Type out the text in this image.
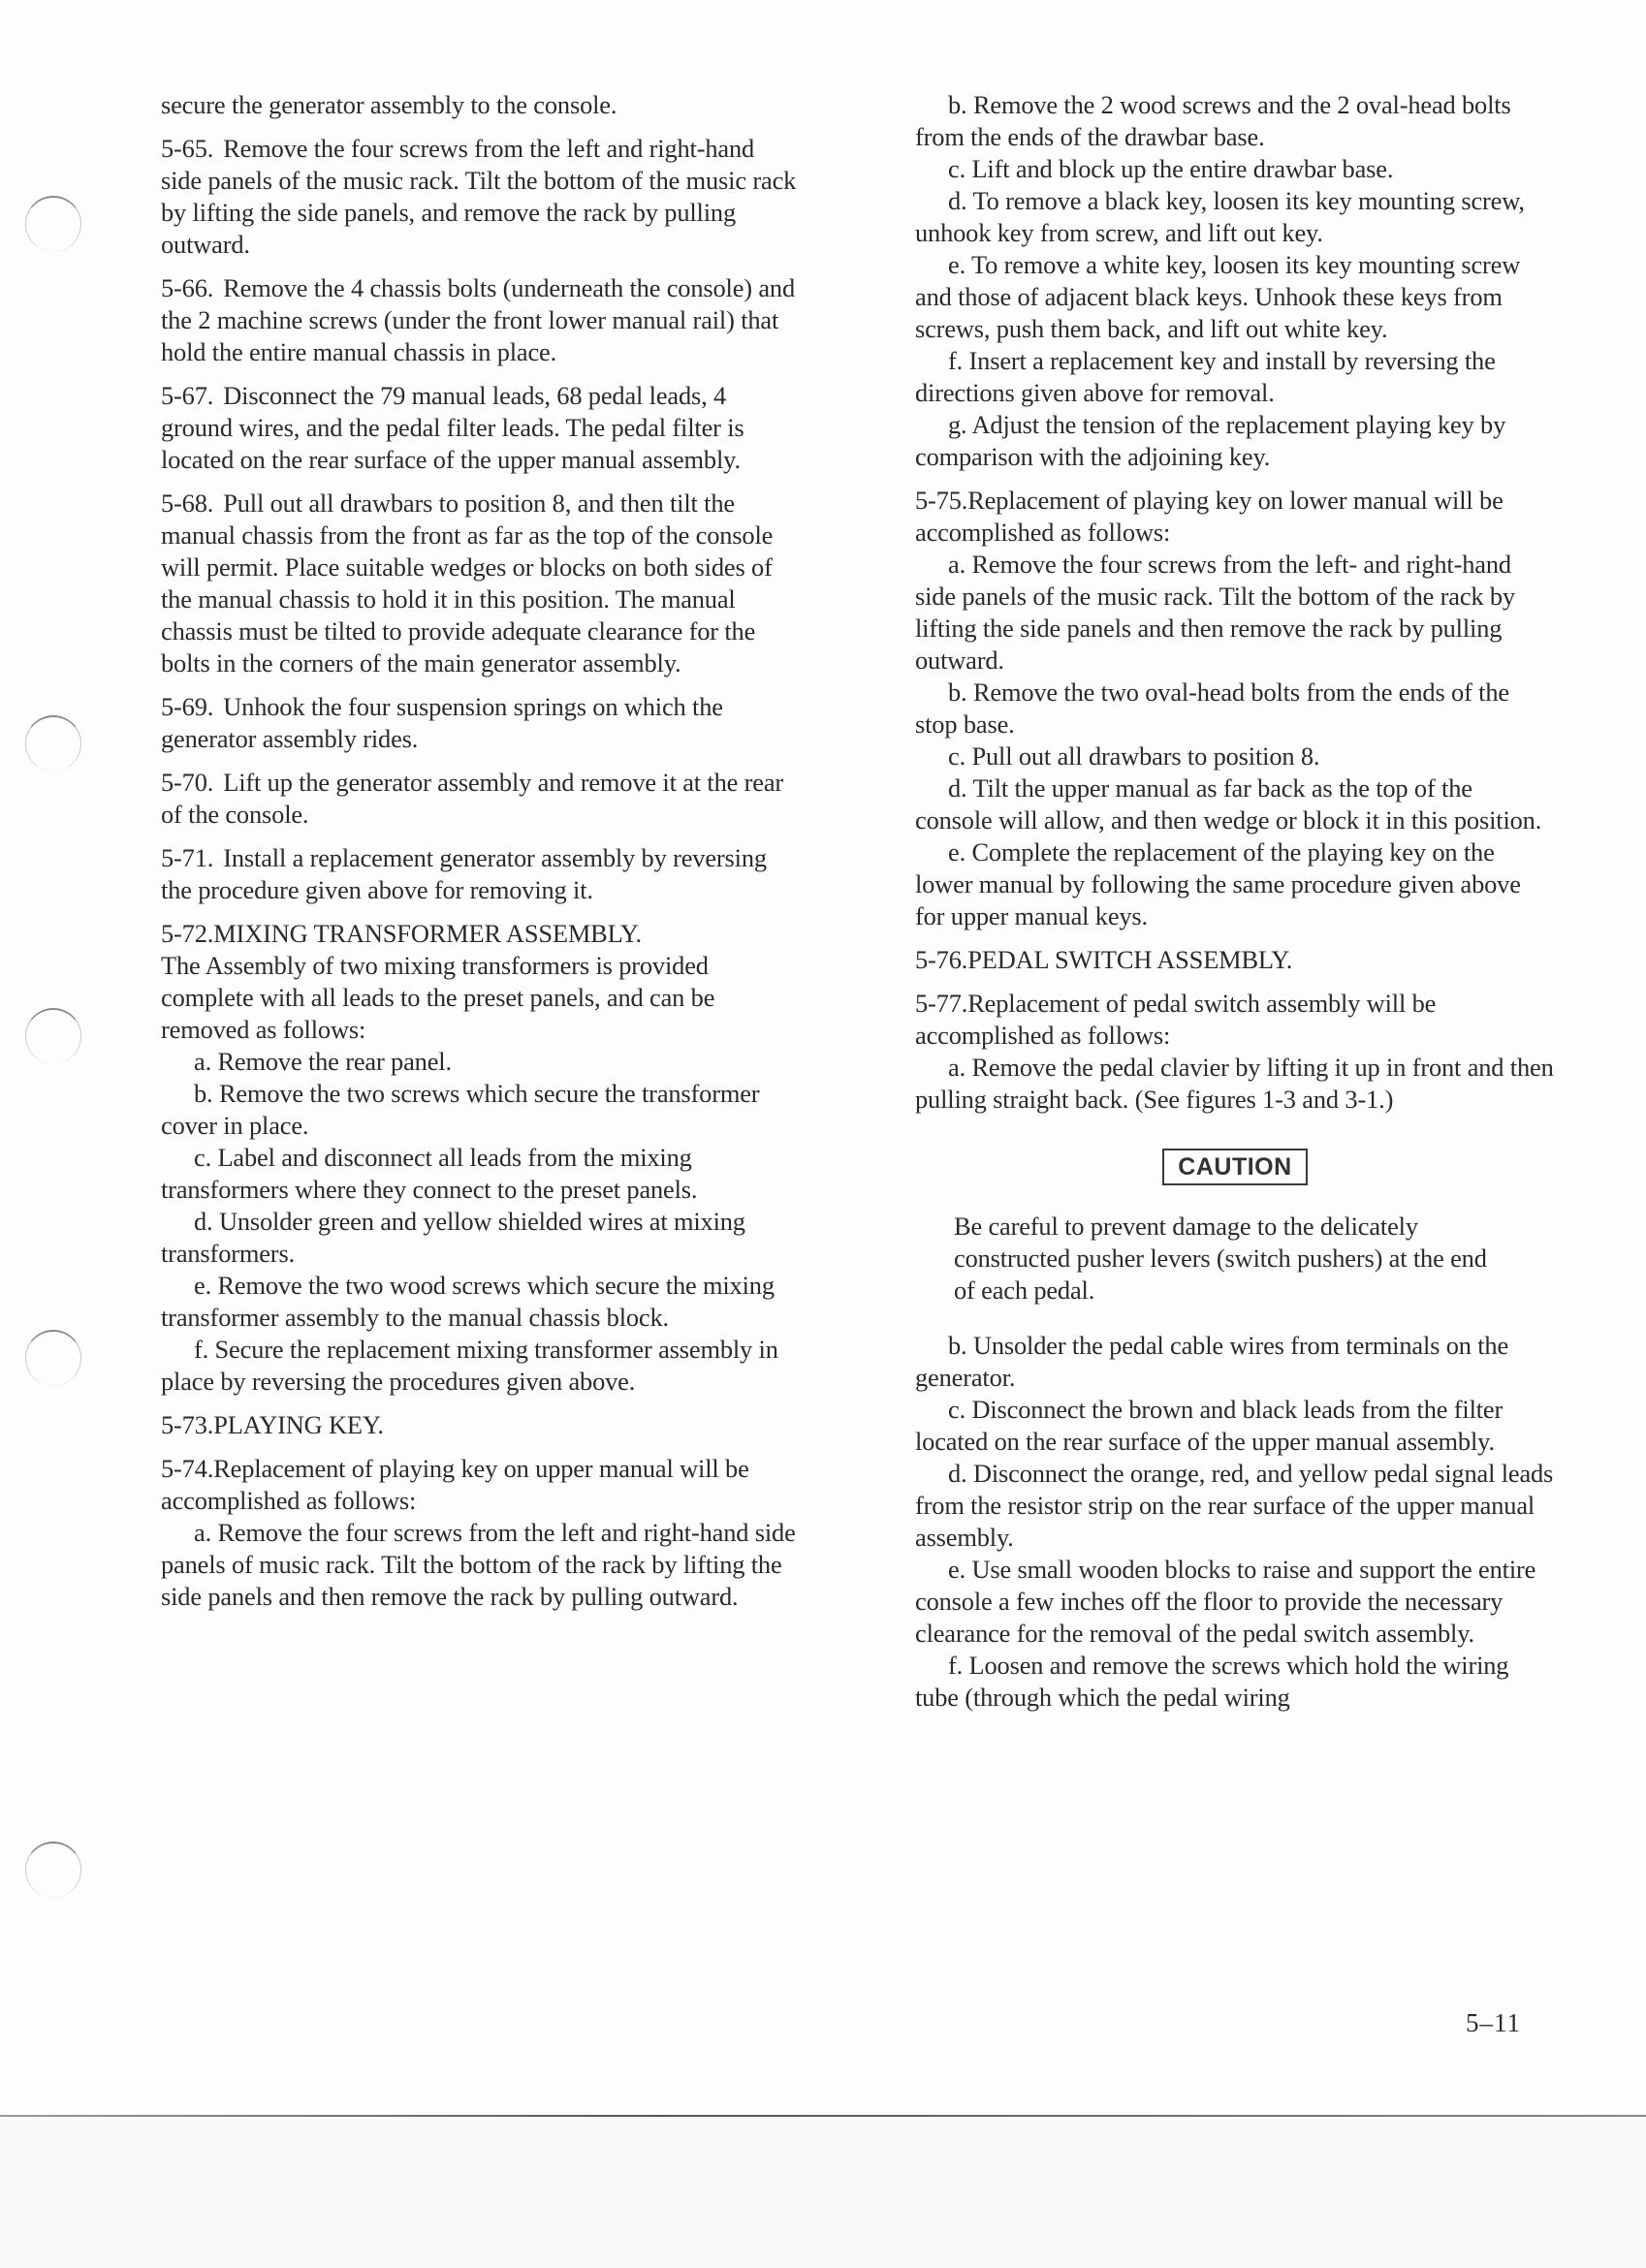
secure the generator assembly to the console.

5-65. Remove the four screws from the left and right-hand side panels of the music rack. Tilt the bottom of the music rack by lifting the side panels, and remove the rack by pulling outward.

5-66. Remove the 4 chassis bolts (underneath the console) and the 2 machine screws (under the front lower manual rail) that hold the entire manual chassis in place.

5-67. Disconnect the 79 manual leads, 68 pedal leads, 4 ground wires, and the pedal filter leads. The pedal filter is located on the rear surface of the upper manual assembly.

5-68. Pull out all drawbars to position 8, and then tilt the manual chassis from the front as far as the top of the console will permit. Place suitable wedges or blocks on both sides of the manual chassis to hold it in this position. The manual chassis must be tilted to provide adequate clearance for the bolts in the corners of the main generator assembly.

5-69. Unhook the four suspension springs on which the generator assembly rides.

5-70. Lift up the generator assembly and remove it at the rear of the console.

5-71. Install a replacement generator assembly by reversing the procedure given above for removing it.

5-72.MIXING TRANSFORMER ASSEMBLY.

The Assembly of two mixing transformers is provided complete with all leads to the preset panels, and can be removed as follows:

a. Remove the rear panel.

b. Remove the two screws which secure the transformer cover in place.

c. Label and disconnect all leads from the mixing transformers where they connect to the preset panels.

d. Unsolder green and yellow shielded wires at mixing transformers.

e. Remove the two wood screws which secure the mixing transformer assembly to the manual chassis block.

f. Secure the replacement mixing transformer assembly in place by reversing the procedures given above.

5-73.PLAYING KEY.

5-74.Replacement of playing key on upper manual will be accomplished as follows:

a. Remove the four screws from the left and right-hand side panels of music rack. Tilt the bottom of the rack by lifting the side panels and then remove the rack by pulling outward.

b. Remove the 2 wood screws and the 2 oval-head bolts from the ends of the drawbar base.

c. Lift and block up the entire drawbar base.

d. To remove a black key, loosen its key mounting screw, unhook key from screw, and lift out key.

e. To remove a white key, loosen its key mounting screw and those of adjacent black keys. Unhook these keys from screws, push them back, and lift out white key.

f. Insert a replacement key and install by reversing the directions given above for removal.

g. Adjust the tension of the replacement playing key by comparison with the adjoining key.

5-75.Replacement of playing key on lower manual will be accomplished as follows:

a. Remove the four screws from the left- and right-hand side panels of the music rack. Tilt the bottom of the rack by lifting the side panels and then remove the rack by pulling outward.

b. Remove the two oval-head bolts from the ends of the stop base.

c. Pull out all drawbars to position 8.

d. Tilt the upper manual as far back as the top of the console will allow, and then wedge or block it in this position.

e. Complete the replacement of the playing key on the lower manual by following the same procedure given above for upper manual keys.

5-76.PEDAL SWITCH ASSEMBLY.

5-77.Replacement of pedal switch assembly will be accomplished as follows:

a. Remove the pedal clavier by lifting it up in front and then pulling straight back. (See figures 1-3 and 3-1.)

CAUTION

Be careful to prevent damage to the delicately constructed pusher levers (switch pushers) at the end of each pedal.

b. Unsolder the pedal cable wires from terminals on the generator.

c. Disconnect the brown and black leads from the filter located on the rear surface of the upper manual assembly.

d. Disconnect the orange, red, and yellow pedal signal leads from the resistor strip on the rear surface of the upper manual assembly.

e. Use small wooden blocks to raise and support the entire console a few inches off the floor to provide the necessary clearance for the removal of the pedal switch assembly.

f. Loosen and remove the screws which hold the wiring tube (through which the pedal wiring

5–11
